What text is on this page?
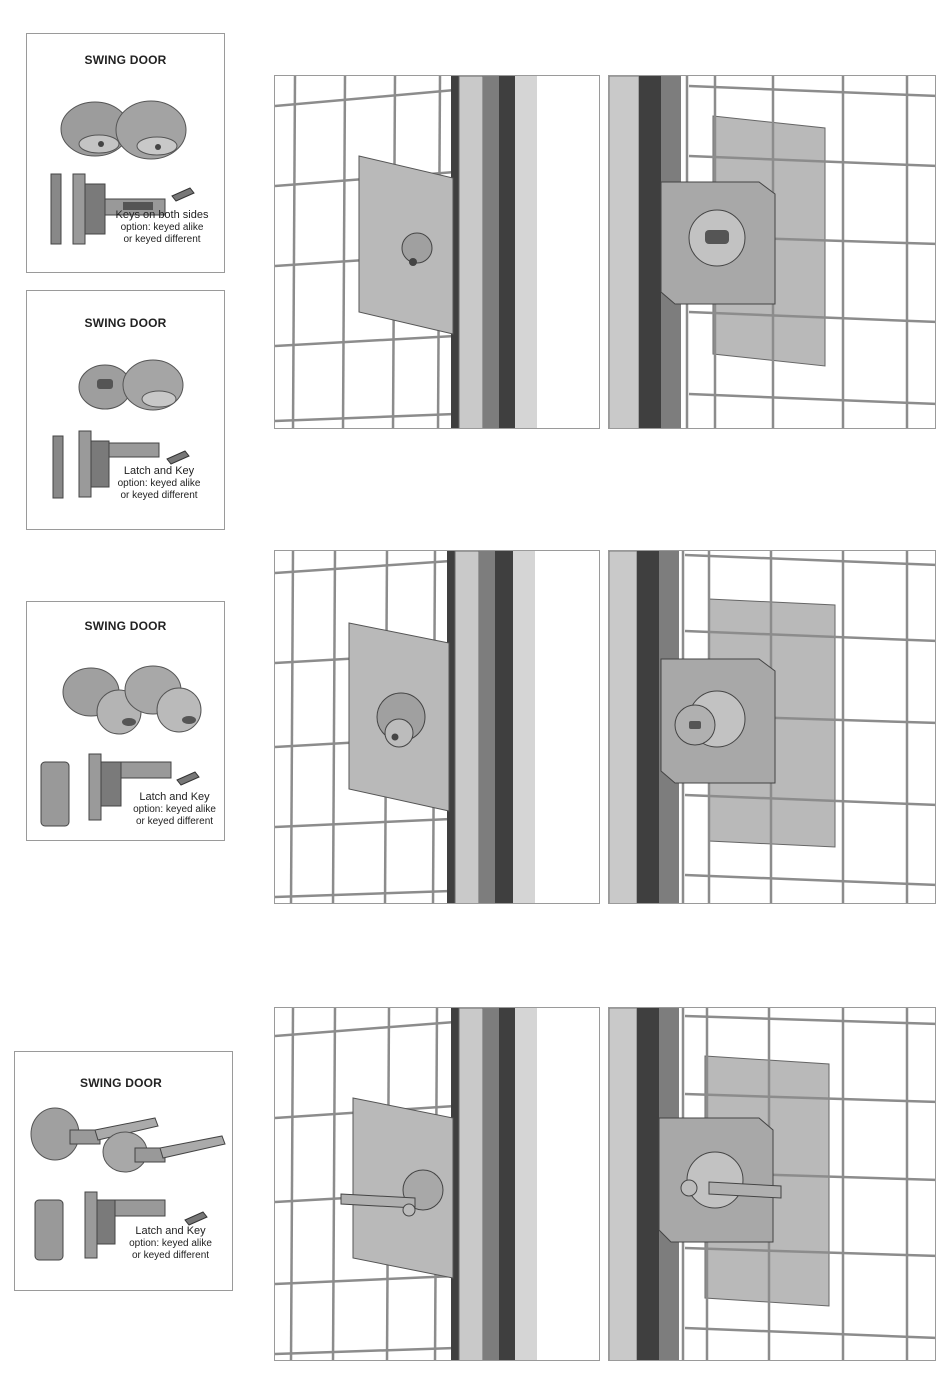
SWING DOOR
Keys on both sides
option: keyed alike
or keyed different
SWING DOOR
Latch and Key
option: keyed alike
or keyed different
SWING DOOR
Latch and Key
option: keyed alike
or keyed different
SWING DOOR
Latch and Key
option: keyed alike
or keyed different
